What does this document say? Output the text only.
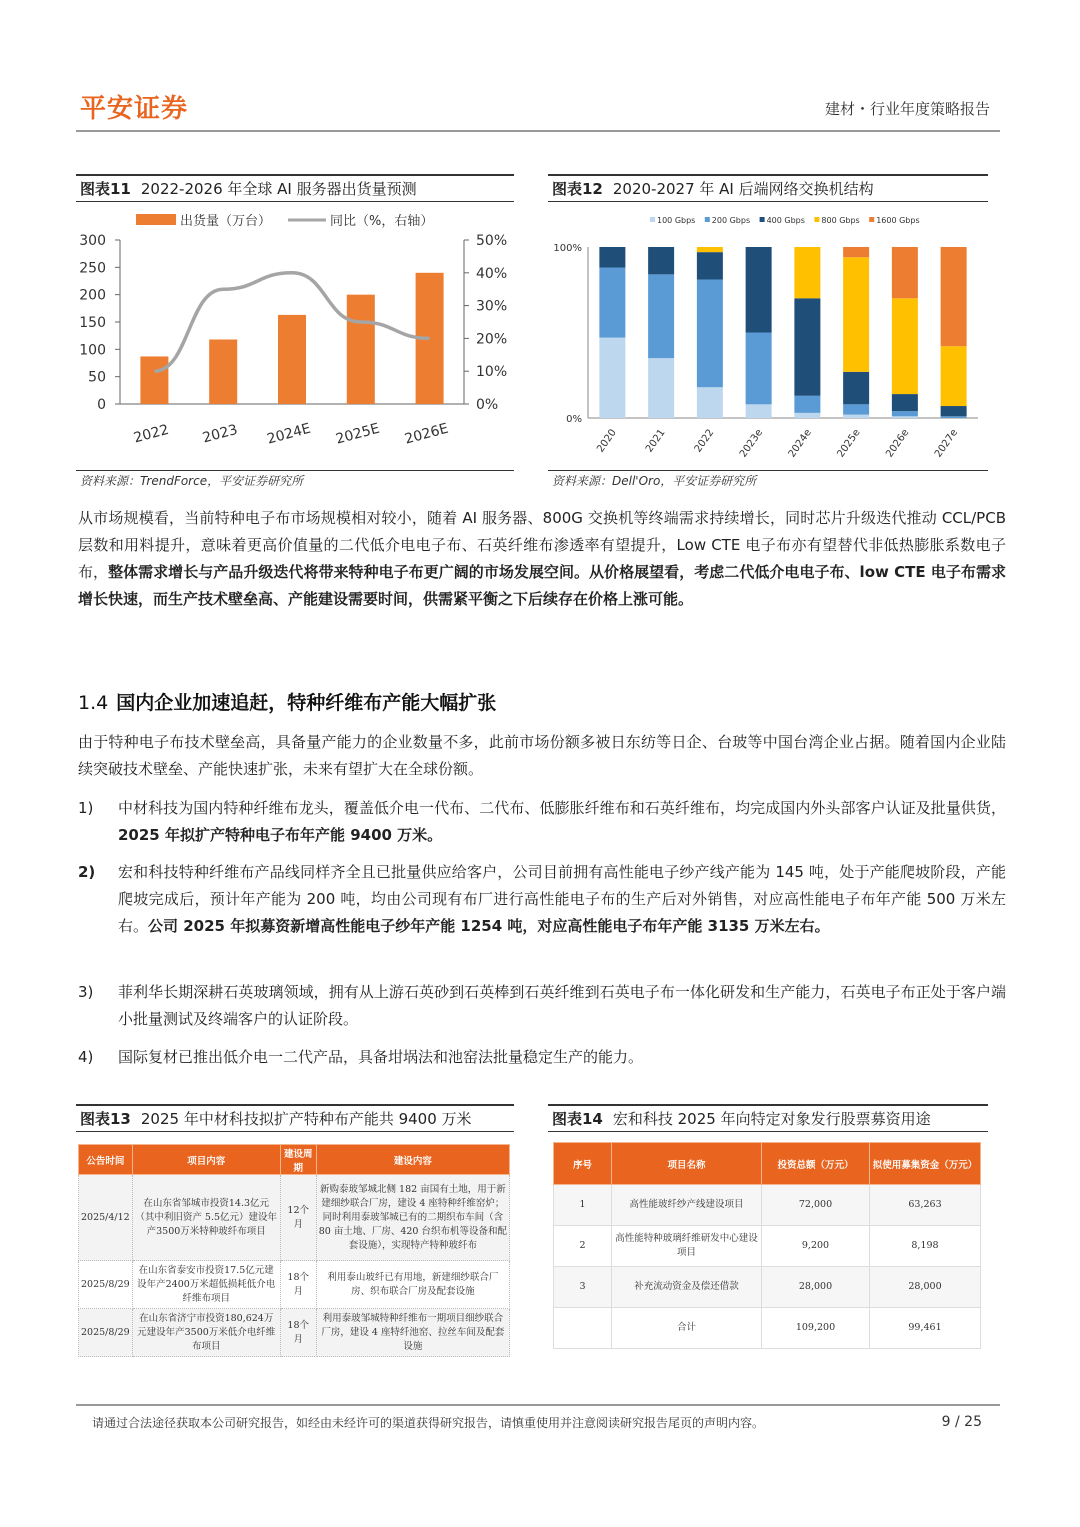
平安证券	建材・行业年度策略报告
图表11 2022-2026 年全球 AI 服务器出货量预测
出货量（万台）	同比（%，右轴）
300
250
200
150
100
50
0
50%
40%
30%
20%
10%
0%
2022 2023 2024E 2025E 2026E
资料来源：TrendForce，平安证券研究所
图表12 2020-2027 年 AI 后端网络交换机结构
100 Gbps 200 Gbps 400 Gbps 800 Gbps 1600 Gbps
100%
0%
2020	2021	2022 2023e 2024e 2025e 2026e 2027e
资料来源：Dell'Oro，平安证券研究所
从市场规模看，当前特种电子布市场规模相对较小，随着 AI 服务器、800G 交换机等终端需求持续增长，同时芯片升级迭代推动 CCL/PCB 层数和用料提升，意味着更高价值量的二代低介电电子布、石英纤维布渗透率有望提升，Low CTE 电子布亦有望替代非低热膨胀系数电子布，整体需求增长与产品升级迭代将带来特种电子布更广阔的市场发展空间。从价格展望看，考虑二代低介电电子布、low CTE 电子布需求增长快速，而生产技术壁垒高、产能建设需要时间，供需紧平衡之下后续存在价格上涨可能。
1.4 国内企业加速追赶，特种纤维布产能大幅扩张
由于特种电子布技术壁垒高，具备量产能力的企业数量不多，此前市场份额多被日东纺等日企、台玻等中国台湾企业占据。随着国内企业陆续突破技术壁垒、产能快速扩张，未来有望扩大在全球份额。
1)	中材科技为国内特种纤维布龙头，覆盖低介电一代布、二代布、低膨胀纤维布和石英纤维布，均完成国内外头部客户认证及批量供货，2025 年拟扩产特种电子布年产能 9400 万米。
2)	宏和科技特种纤维布产品线同样齐全且已批量供应给客户，公司目前拥有高性能电子纱产线产能为 145 吨，处于产能爬坡阶段，产能爬坡完成后，预计年产能为 200 吨，均由公司现有布厂进行高性能电子布的生产后对外销售，对应高性能电子布年产能 500 万米左右。公司 2025 年拟募资新增高性能电子纱年产能 1254 吨，对应高性能电子布年产能 3135 万米左右。
3)	菲利华长期深耕石英玻璃领域，拥有从上游石英砂到石英棒到石英纤维到石英电子布一体化研发和生产能力，石英电子布正处于客户端小批量测试及终端客户的认证阶段。
4)	国际复材已推出低介电一二代产品，具备坩埚法和池窑法批量稳定生产的能力。
图表13 2025 年中材科技拟扩产特种布产能共 9400 万米
公告时间	项目内容	建设周期	建设内容
2025/4/12	在山东省邹城市投资14.3亿元（其中利旧资产 5.5亿元）建设年产3500万米特种玻纤布项目	12个月	新购泰玻邹城北侧 182 亩国有土地，用于新建细纱联合厂房，建设 4 座特种纤维窑炉；同时利用泰玻邹城已有的二期织布车间（含 80 亩土地、厂房、420 台织布机等设备和配套设施），实现特产特种玻纤布
2025/8/29	在山东省泰安市投资17.5亿元建设年产2400万米超低损耗低介电纤维布项目	18个月	利用泰山玻纤已有用地，新建细纱联合厂房、织布联合厂房及配套设施
2025/8/29	在山东省济宁市投资180,624万元建设年产3500万米低介电纤维布项目	18个月	利用泰玻邹城特种纤维布一期项目细纱联合厂房，建设 4 座特纤池窑、拉丝车间及配套设施
图表14 宏和科技 2025 年向特定对象发行股票募资用途
序号	项目名称	投资总额（万元）	拟使用募集资金（万元）
1	高性能玻纤纱产线建设项目	72,000	63,263
2	高性能特种玻璃纤维研发中心建设项目	9,200	8,198
3	补充流动资金及偿还借款	28,000	28,000
	合计	109,200	99,461
请通过合法途径获取本公司研究报告，如经由未经许可的渠道获得研究报告，请慎重使用并注意阅读研究报告尾页的声明内容。	9 / 25
